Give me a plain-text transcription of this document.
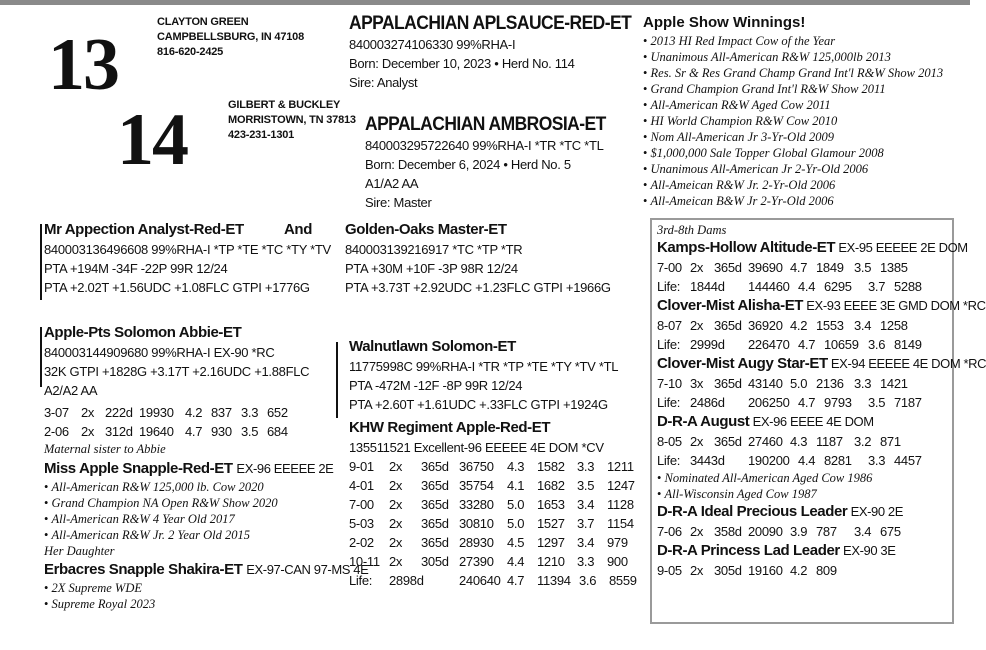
13
14
CLAYTON GREEN
CAMPBELLSBURG, IN 47108
816-620-2425
GILBERT & BUCKLEY
MORRISTOWN, TN 37813
423-231-1301
APPALACHIAN APLSAUCE-RED-ET
840003274106330 99%RHA-I
Born: December 10, 2023 • Herd No. 114
Sire: Analyst
APPALACHIAN AMBROSIA-ET
840003295722640 99%RHA-I *TR *TC *TL
Born: December 6, 2024 • Herd No. 5
A1/A2 AA
Sire: Master
Mr Appection Analyst-Red-ET	And
840003136496608 99%RHA-I *TP *TE *TC *TY *TV
PTA +194M -34F -22P 99R 12/24
PTA +2.02T +1.56UDC +1.08FLC GTPI +1776G
Golden-Oaks Master-ET
840003139216917 *TC *TP *TR
PTA +30M +10F -3P 98R 12/24
PTA +3.73T +2.92UDC +1.23FLC GTPI +1966G
Apple-Pts Solomon Abbie-ET
840003144909680 99%RHA-I EX-90 *RC
32K GTPI +1828G +3.17T +2.16UDC +1.88FLC
A2/A2 AA
3-07 2x 222d 19930 4.2 837 3.3 652
2-06 2x 312d 19640 4.7 930 3.5 684
Maternal sister to Abbie
Miss Apple Snapple-Red-ET EX-96 EEEEE 2E
• All-American R&W 125,000 lb. Cow 2020
• Grand Champion NA Open R&W Show 2020
• All-American R&W 4 Year Old 2017
• All-American R&W Jr. 2 Year Old 2015
Her Daughter
Erbacres Snapple Shakira-ET EX-97-CAN 97-MS 4E
• 2X Supreme WDE
• Supreme Royal 2023
Walnutlawn Solomon-ET
11775998C 99%RHA-I *TR *TP *TE *TY *TV *TL
PTA -472M -12F -8P 99R 12/24
PTA +2.60T +1.61UDC +.33FLC GTPI +1924G
KHW Regiment Apple-Red-ET
135511521 Excellent-96 EEEEE 4E DOM *CV
9-01	2x	365d 36750	4.3 1582 3.3 1211
4-01	2x	365d 35754	4.1 1682 3.5 1247
7-00	2x	365d 33280	5.0 1653 3.4 1128
5-03	2x	365d 30810	5.0 1527 3.7 1154
2-02	2x	365d 28930	4.5 1297 3.4 979
10-11 2x	305d 27390	4.4 1210 3.3 900
Life:	2898d	240640 4.7 11394 3.6 8559
Apple Show Winnings!
• 2013 HI Red Impact Cow of the Year
• Unanimous All-American R&W 125,000lb 2013
• Res. Sr & Res Grand Champ Grand Int'l R&W Show 2013
• Grand Champion Grand Int'l R&W Show 2011
• All-American R&W Aged Cow 2011
• HI World Champion R&W Cow 2010
• Nom All-American Jr 3-Yr-Old 2009
• $1,000,000 Sale Topper Global Glamour 2008
• Unanimous All-American Jr 2-Yr-Old 2006
• All-Ameican R&W Jr. 2-Yr-Old 2006
• All-Ameican B&W Jr 2-Yr-Old 2006
3rd-8th Dams
Kamps-Hollow Altitude-ET EX-95 EEEEE 2E DOM
7-00 2x 365d 39690 4.7 1849 3.5 1385
Life: 1844d	144460 4.4 6295	3.7 5288
Clover-Mist Alisha-ET EX-93 EEEE 3E GMD DOM *RC
8-07 2x 365d 36920 4.2 1553 3.4 1258
Life: 2999d	226470 4.7 10659 3.6 8149
Clover-Mist Augy Star-ET EX-94 EEEEE 4E DOM *RC
7-10 3x 365d 43140 5.0 2136 3.3 1421
Life: 2486d	206250 4.7 9793	3.5 7187
D-R-A August EX-96 EEEE 4E DOM
8-05 2x 365d 27460 4.3 1187 3.2 871
Life: 3443d	190200 4.4 8281	3.3 4457
• Nominated All-American Aged Cow 1986
• All-Wisconsin Aged Cow 1987
D-R-A Ideal Precious Leader EX-90 2E
7-06 2x 358d 20090 3.9 787	3.4 675
D-R-A Princess Lad Leader EX-90 3E
9-05 2x 305d 19160 4.2 809
